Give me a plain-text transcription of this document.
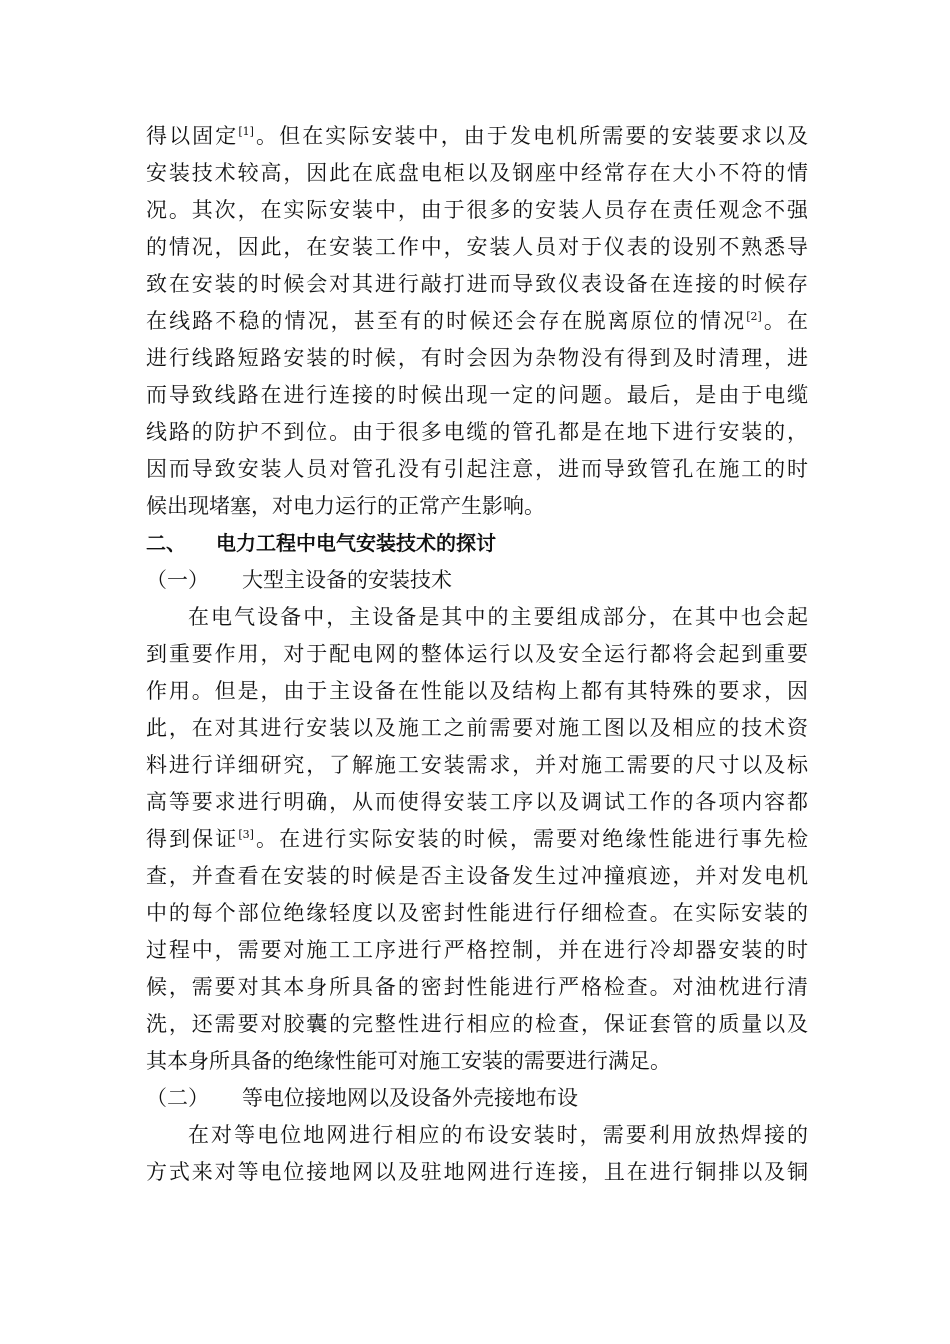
得以固定[1]。但在实际安装中，由于发电机所需要的安装要求以及
安装技术较高，因此在底盘电柜以及钢座中经常存在大小不符的情
况。其次，在实际安装中，由于很多的安装人员存在责任观念不强
的情况，因此，在安装工作中，安装人员对于仪表的设别不熟悉导
致在安装的时候会对其进行敲打进而导致仪表设备在连接的时候存
在线路不稳的情况，甚至有的时候还会存在脱离原位的情况[2]。在
进行线路短路安装的时候，有时会因为杂物没有得到及时清理，进
而导致线路在进行连接的时候出现一定的问题。最后，是由于电缆
线路的防护不到位。由于很多电缆的管孔都是在地下进行安装的，
因而导致安装人员对管孔没有引起注意，进而导致管孔在施工的时
候出现堵塞，对电力运行的正常产生影响。
二、 电力工程中电气安装技术的探讨
（一） 大型主设备的安装技术
在电气设备中，主设备是其中的主要组成部分，在其中也会起
到重要作用，对于配电网的整体运行以及安全运行都将会起到重要
作用。但是，由于主设备在性能以及结构上都有其特殊的要求，因
此，在对其进行安装以及施工之前需要对施工图以及相应的技术资
料进行详细研究，了解施工安装需求，并对施工需要的尺寸以及标
高等要求进行明确，从而使得安装工序以及调试工作的各项内容都
得到保证[3]。在进行实际安装的时候，需要对绝缘性能进行事先检
查，并查看在安装的时候是否主设备发生过冲撞痕迹，并对发电机
中的每个部位绝缘轻度以及密封性能进行仔细检查。在实际安装的
过程中，需要对施工工序进行严格控制，并在进行冷却器安装的时
候，需要对其本身所具备的密封性能进行严格检查。对油枕进行清
洗，还需要对胶囊的完整性进行相应的检查，保证套管的质量以及
其本身所具备的绝缘性能可对施工安装的需要进行满足。
（二） 等电位接地网以及设备外壳接地布设
在对等电位地网进行相应的布设安装时，需要利用放热焊接的
方式来对等电位接地网以及驻地网进行连接，且在进行铜排以及铜
